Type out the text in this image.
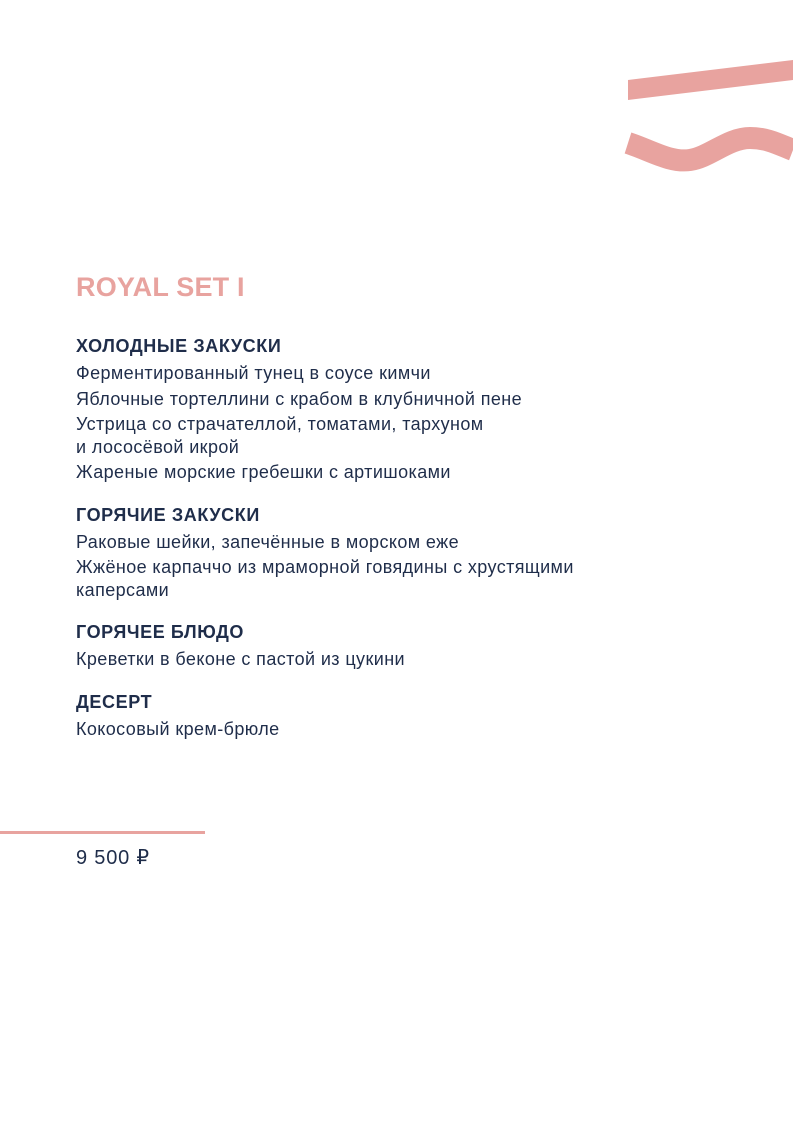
ROYAL SET I
ХОЛОДНЫЕ ЗАКУСКИ

Ферментированный тунец в соусе кимчи

Яблочные тортеллини с крабом в клубничной пене

Устрица со страчателлой, томатами, тархуном
и лососёвой икрой

Жареные морские гребешки с артишоками

ГОРЯЧИЕ ЗАКУСКИ

Раковые шейки, запечённые в морском еже

Жжёное карпаччо из мраморной говядины с хрустящими
каперсами

ГОРЯЧЕЕ БЛЮДО

Креветки в беконе с пастой из цукини

ДЕСЕРТ

Кокосовый крем-брюле

9 500 ₽
